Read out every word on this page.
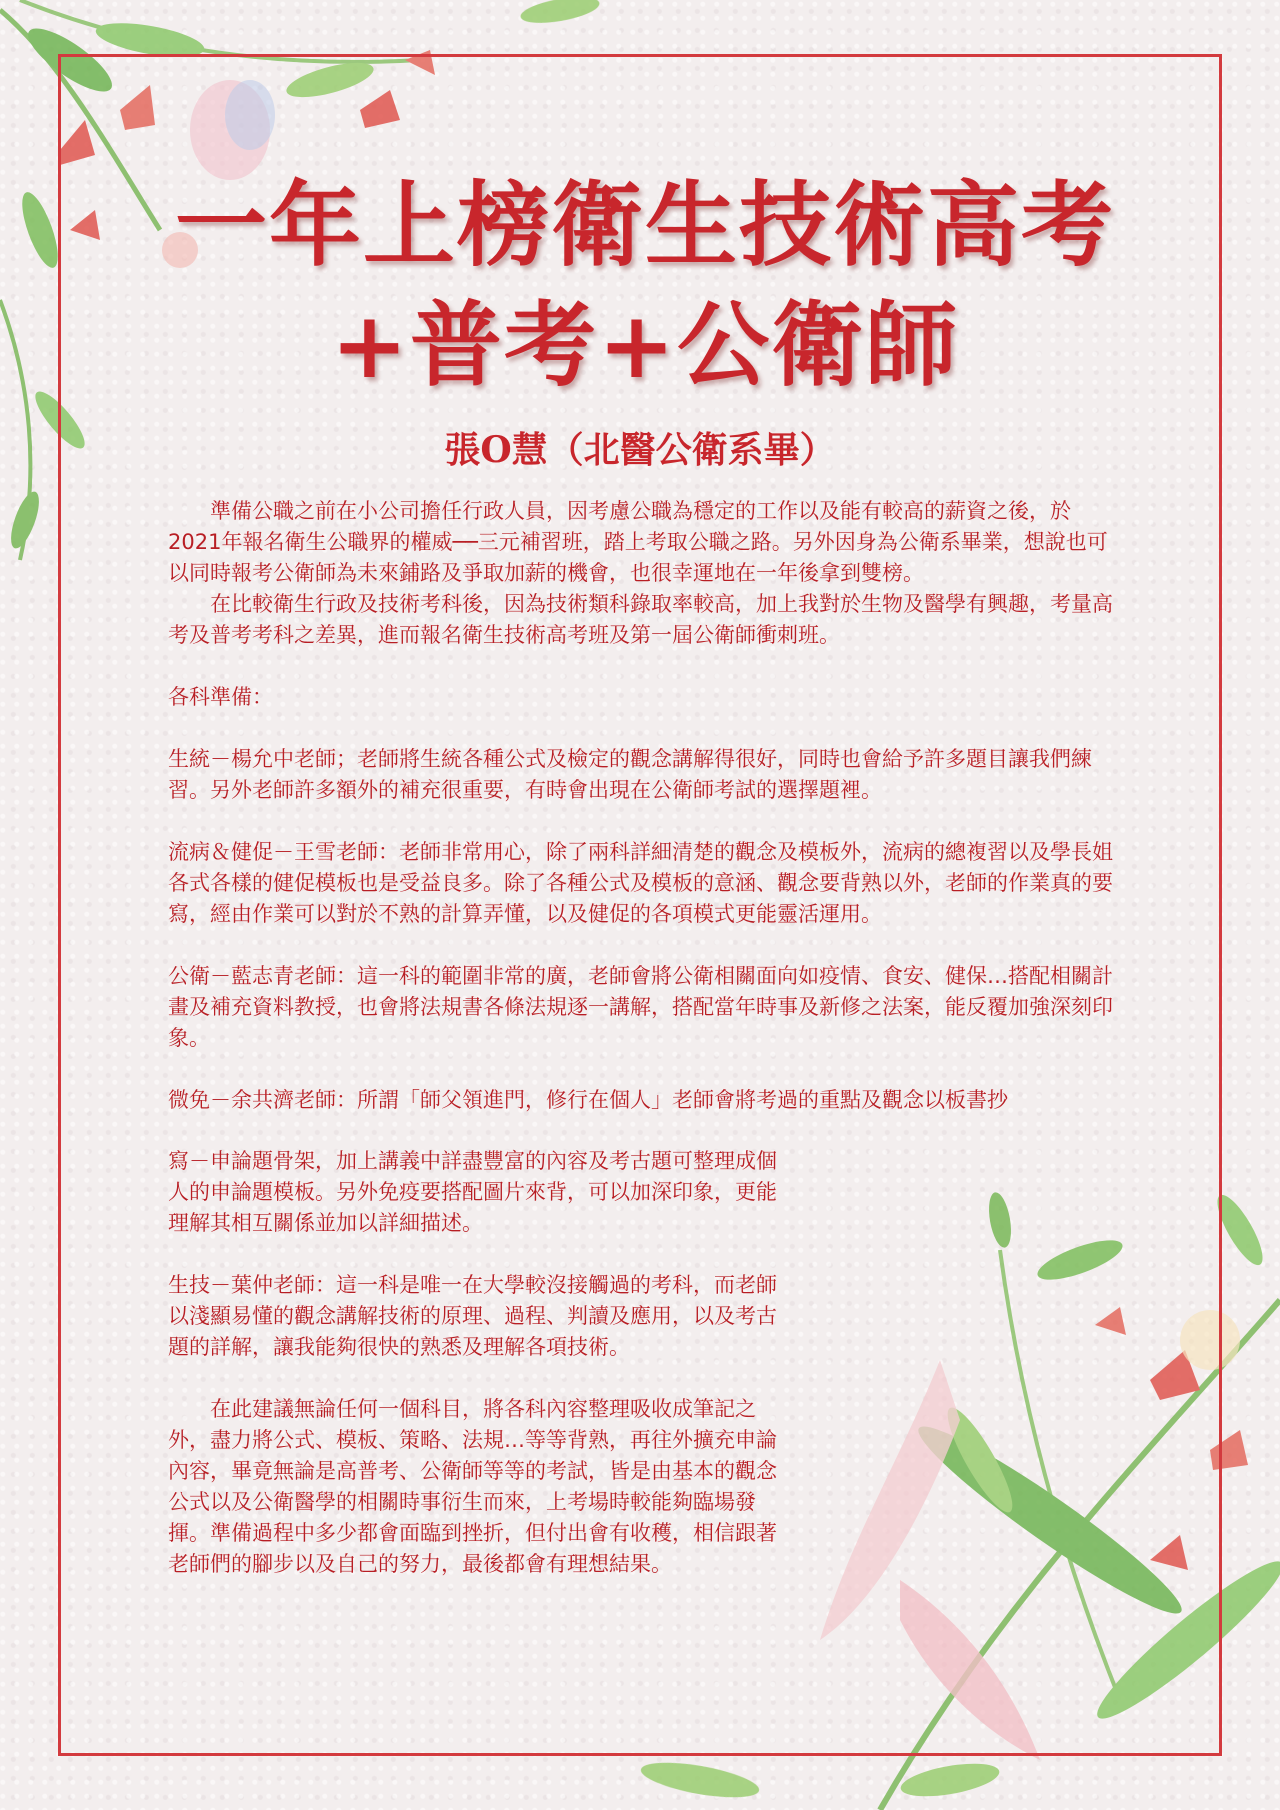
一年上榜衛生技術高考
+普考+公衛師
張O慧（北醫公衛系畢）

準備公職之前在小公司擔任行政人員，因考慮公職為穩定的工作以及能有較高的薪資之後，於2021年報名衛生公職界的權威──三元補習班，踏上考取公職之路。另外因身為公衛系畢業，想說也可以同時報考公衛師為未來鋪路及爭取加薪的機會，也很幸運地在一年後拿到雙榜。

在比較衛生行政及技術考科後，因為技術類科錄取率較高，加上我對於生物及醫學有興趣，考量高考及普考考科之差異，進而報名衛生技術高考班及第一屆公衛師衝刺班。

各科準備：

生統－楊允中老師；老師將生統各種公式及檢定的觀念講解得很好，同時也會給予許多題目讓我們練習。另外老師許多額外的補充很重要，有時會出現在公衛師考試的選擇題裡。

流病＆健促－王雪老師：老師非常用心，除了兩科詳細清楚的觀念及模板外，流病的總複習以及學長姐各式各樣的健促模板也是受益良多。除了各種公式及模板的意涵、觀念要背熟以外，老師的作業真的要寫，經由作業可以對於不熟的計算弄懂，以及健促的各項模式更能靈活運用。

公衛－藍志青老師：這一科的範圍非常的廣，老師會將公衛相關面向如疫情、食安、健保…搭配相關計畫及補充資料教授，也會將法規書各條法規逐一講解，搭配當年時事及新修之法案，能反覆加強深刻印象。

微免－余共濟老師：所謂「師父領進門，修行在個人」老師會將考過的重點及觀念以板書抄

寫－申論題骨架，加上講義中詳盡豐富的內容及考古題可整理成個人的申論題模板。另外免疫要搭配圖片來背，可以加深印象，更能理解其相互關係並加以詳細描述。

生技－葉仲老師：這一科是唯一在大學較沒接觸過的考科，而老師以淺顯易懂的觀念講解技術的原理、過程、判讀及應用，以及考古題的詳解，讓我能夠很快的熟悉及理解各項技術。

在此建議無論任何一個科目，將各科內容整理吸收成筆記之外，盡力將公式、模板、策略、法規…等等背熟，再往外擴充申論內容，畢竟無論是高普考、公衛師等等的考試，皆是由基本的觀念公式以及公衛醫學的相關時事衍生而來，上考場時較能夠臨場發揮。準備過程中多少都會面臨到挫折，但付出會有收穫，相信跟著老師們的腳步以及自己的努力，最後都會有理想結果。
